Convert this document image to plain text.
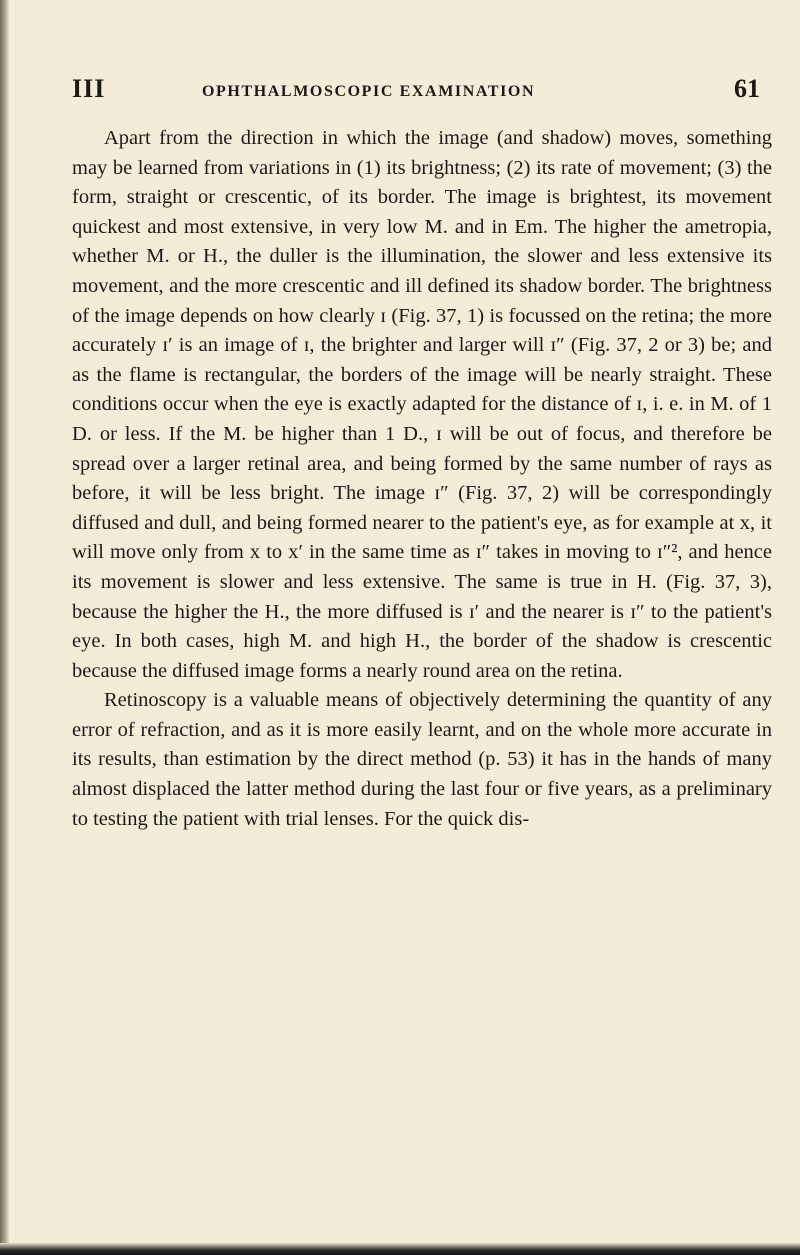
III	OPHTHALMOSCOPIC EXAMINATION	61

Apart from the direction in which the image (and shadow) moves, something may be learned from variations in (1) its brightness; (2) its rate of movement; (3) the form, straight or crescentic, of its border. The image is brightest, its movement quickest and most extensive, in very low M. and in Em. The higher the ametropia, whether M. or H., the duller is the illumination, the slower and less extensive its movement, and the more crescentic and ill defined its shadow border. The brightness of the image depends on how clearly ɪ (Fig. 37, 1) is focussed on the retina; the more accurately ɪ′ is an image of ɪ, the brighter and larger will ɪ″ (Fig. 37, 2 or 3) be; and as the flame is rectangular, the borders of the image will be nearly straight. These conditions occur when the eye is exactly adapted for the distance of ɪ, i. e. in M. of 1 D. or less. If the M. be higher than 1 D., ɪ will be out of focus, and therefore be spread over a larger retinal area, and being formed by the same number of rays as before, it will be less bright. The image ɪ″ (Fig. 37, 2) will be correspondingly diffused and dull, and being formed nearer to the patient's eye, as for example at x, it will move only from x to x′ in the same time as ɪ″ takes in moving to ɪ″², and hence its movement is slower and less extensive. The same is true in H. (Fig. 37, 3), because the higher the H., the more diffused is ɪ′ and the nearer is ɪ″ to the patient's eye. In both cases, high M. and high H., the border of the shadow is crescentic because the diffused image forms a nearly round area on the retina.

Retinoscopy is a valuable means of objectively determining the quantity of any error of refraction, and as it is more easily learnt, and on the whole more accurate in its results, than estimation by the direct method (p. 53) it has in the hands of many almost displaced the latter method during the last four or five years, as a preliminary to testing the patient with trial lenses. For the quick dis-
